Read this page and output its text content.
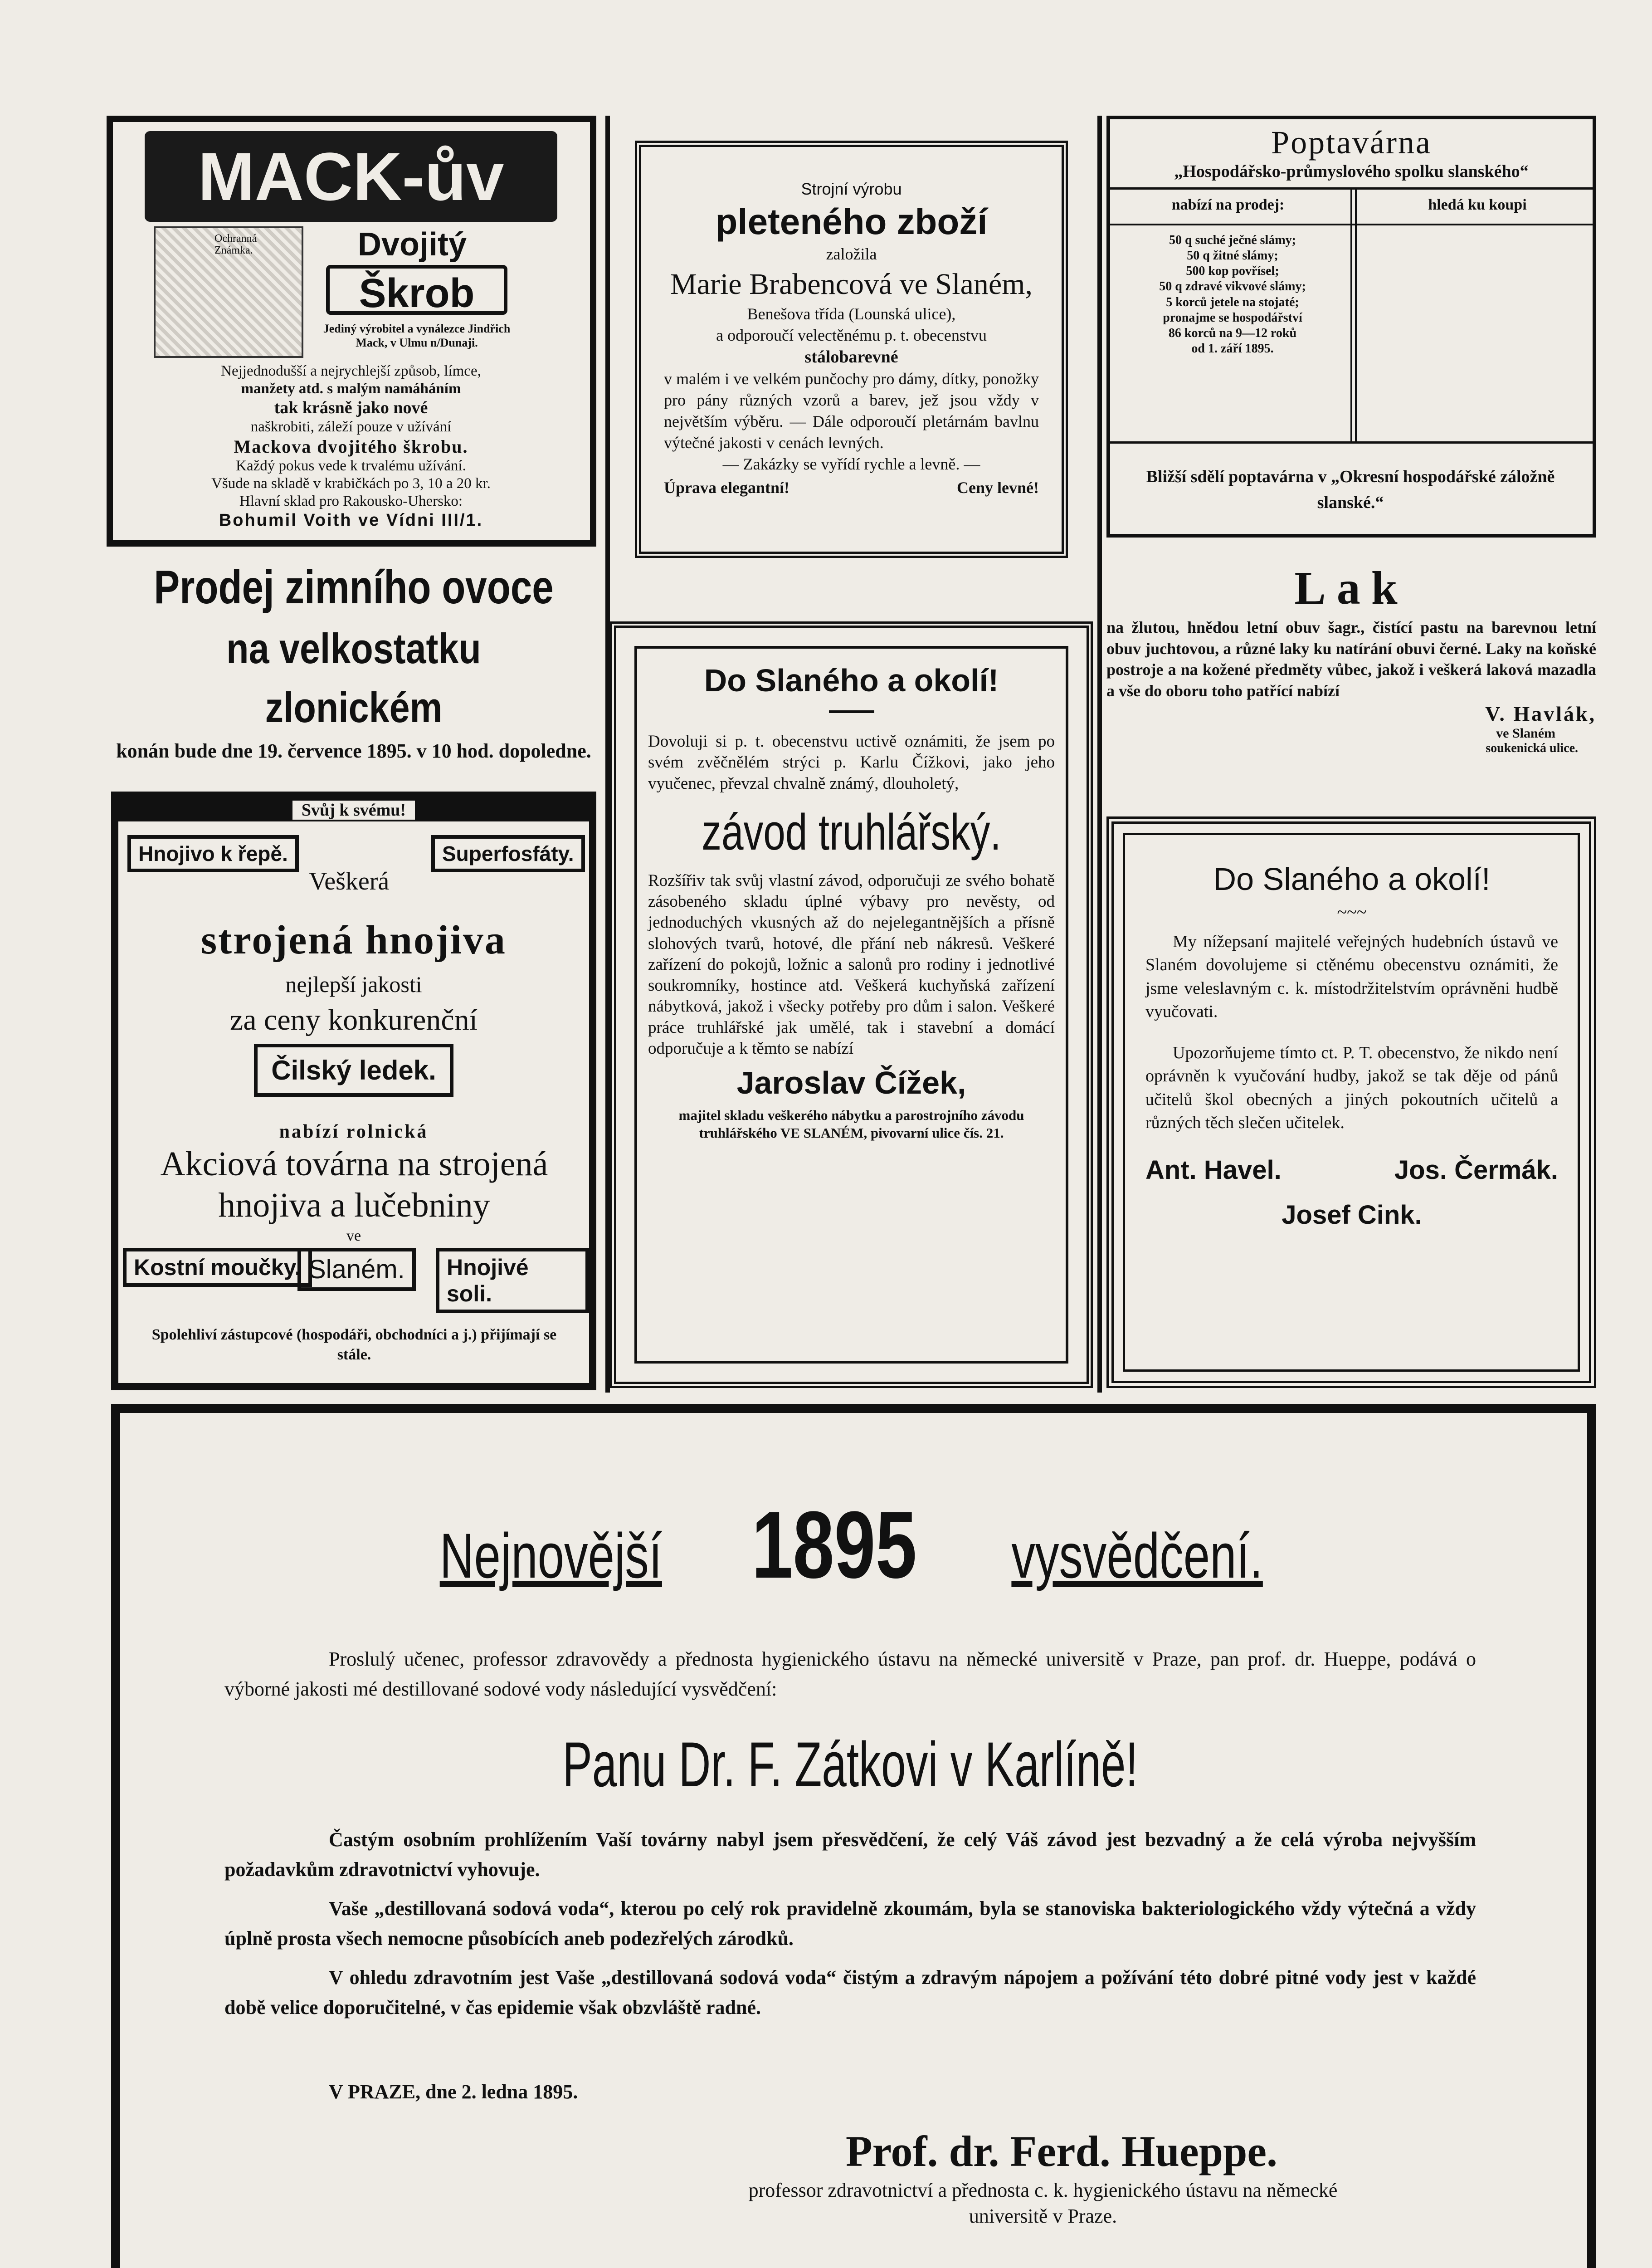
MACK-ův
Ochranná Známka.	Dvojitý
Škrob
Jediný výrobitel a vynálezce Jindřich Mack, v Ulmu n/Dunaji.

Nejjednodušší a nejrychlejší způsob, límce,

manžety atd. s malým namáháním

tak krásně jako nové

naškrobiti, záleží pouze v užívání

Mackova dvojitého škrobu.

Každý pokus vede k trvalému užívání.

Všude na skladě v krabičkách po 3, 10 a 20 kr.

Hlavní sklad pro Rakousko-Uhersko:

Bohumil Voith ve Vídni III/1.

Strojní výrobu

pleteného zboží

založila

Marie Brabencová ve Slaném,

Benešova třída (Lounská ulice),

a odporoučí velectěnému p. t. obecenstvu

stálobarevné

v malém i ve velkém punčochy pro dámy, dítky, ponožky pro pány různých vzorů a barev, jež jsou vždy v největším výběru. — Dále odporoučí pletárnám bavlnu výtečné jakosti v cenách levných.

— Zakázky se vyřídí rychle a levně. —

Úprava elegantní!	Ceny levné!
Poptavárna
„Hospodářsko-průmyslového spolku slanského“
nabízí na prodej:	hledá ku koupi

50 q suché ječné slámy;

50 q žitné slámy;

500 kop povřísel;

50 q zdravé vikvové slámy;

5 korců jetele na stojaté;

pronajme se hospodářství

86 korců na 9—12 roků

od 1. září 1895.

Bližší sdělí poptavárna v „Okresní hospodářské záložně slanské.“

Prodej zimního ovoce

na velkostatku zlonickém

konán bude dne 19. července 1895. v 10 hod. dopoledne.

Svůj k svému!
Hnojivo k řepě.
Veškerá
Superfosfáty.
strojená hnojiva
nejlepší jakosti
za ceny konkurenční
Čilský ledek.
nabízí rolnická
Akciová továrna na strojená hnojiva a lučebniny
ve
Kostní moučky. Slaném.	Hnojivé soli.
Spolehliví zástupcové (hospodáři, obchodníci a j.) přijímají se stále.

Do Slaného a okolí!

Dovoluji si p. t. obecenstvu uctivě oznámiti, že jsem po svém zvěčnělém strýci p. Karlu Čížkovi, jako jeho vyučenec, převzal chvalně známý, dlouholetý,

závod truhlářský.

Rozšířiv tak svůj vlastní závod, odporučuji ze svého bohatě zásobeného skladu úplné výbavy pro nevěsty, od jednoduchých vkusných až do nejelegantnějších a přísně slohových tvarů, hotové, dle přání neb nákresů. Veškeré zařízení do pokojů, ložnic a salonů pro rodiny i jednotlivé soukromníky, hostince atd. Veškerá kuchyňská zařízení nábytková, jakož i všecky potřeby pro dům i salon. Veškeré práce truhlářské jak umělé, tak i stavební a domácí odporučuje a k těmto se nabízí

Jaroslav Čížek,

majitel skladu veškerého nábytku a parostrojního závodu truhlářského VE SLANÉM, pivovarní ulice čís. 21.

Lak

na žlutou, hnědou letní obuv šagr., čistící pastu na barevnou letní obuv juchtovou, a různé laky ku natírání obuvi černé. Laky na koňské postroje a na kožené předměty vůbec, jakož i veškerá laková mazadla a vše do oboru toho patřící nabízí

V. Havlák,

ve Slaném

soukenická ulice.

Do Slaného a okolí!

~~~

My nížepsaní majitelé veřejných hudebních ústavů ve Slaném dovolujeme si ctěnému obecenstvu oznámiti, že jsme veleslavným c. k. místodržitelstvím oprávněni hudbě vyučovati.

Upozorňujeme tímto ct. P. T. obecenstvo, že nikdo není oprávněn k vyučování hudby, jakož se tak děje od pánů učitelů škol obecných a jiných pokoutních učitelů a různých těch slečen učitelek.

Ant. Havel.	Jos. Čermák.

Josef Cink.

Nejnovější 1895 vysvědčení.

Proslulý učenec, professor zdravovědy a přednosta hygienického ústavu na německé universitě v Praze, pan prof. dr. Hueppe, podává o výborné jakosti mé destillované sodové vody následující vysvědčení:

Panu Dr. F. Zátkovi v Karlíně!

Častým osobním prohlížením Vaší továrny nabyl jsem přesvědčení, že celý Váš závod jest bezvadný a že celá výroba nejvyšším požadavkům zdravotnictví vyhovuje.

Vaše „destillovaná sodová voda“, kterou po celý rok pravidelně zkoumám, byla se stanoviska bakteriologického vždy výtečná a vždy úplně prosta všech nemocne působících aneb podezřelých zárodků.

V ohledu zdravotním jest Vaše „destillovaná sodová voda“ čistým a zdravým nápojem a požívání této dobré pitné vody jest v každé době velice doporučitelné, v čas epidemie však obzvláště radné.

V PRAZE, dne 2. ledna 1895.

Prof. dr. Ferd. Hueppe.

professor zdravotnictví a přednosta c. k. hygienického ústavu na německé universitě v Praze.
